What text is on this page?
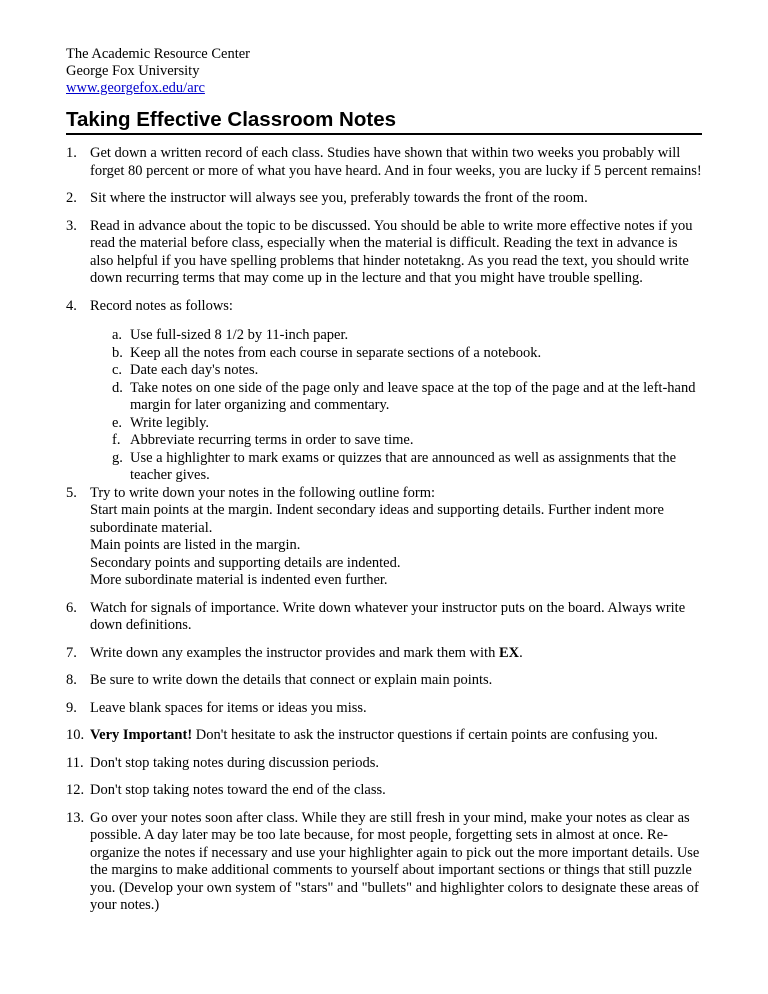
The Academic Resource Center

George Fox University

www.georgefox.edu/arc

Taking Effective Classroom Notes
1. Get down a written record of each class. Studies have shown that within two weeks you probably will forget 80 percent or more of what you have heard. And in four weeks, you are lucky if 5 percent remains!
2. Sit where the instructor will always see you, preferably towards the front of the room.
3. Read in advance about the topic to be discussed. You should be able to write more effective notes if you read the material before class, especially when the material is difficult. Reading the text in advance is also helpful if you have spelling problems that hinder notetakng. As you read the text, you should write down recurring terms that may come up in the lecture and that you might have trouble spelling.
4. Record notes as follows:
a. Use full-sized 8 1/2 by 11-inch paper.
b. Keep all the notes from each course in separate sections of a notebook.
c. Date each day's notes.
d. Take notes on one side of the page only and leave space at the top of the page and at the left-hand margin for later organizing and commentary.
e. Write legibly.
f. Abbreviate recurring terms in order to save time.
g. Use a highlighter to mark exams or quizzes that are announced as well as assignments that the teacher gives.
5. Try to write down your notes in the following outline form:
Start main points at the margin. Indent secondary ideas and supporting details. Further indent more subordinate material.
Main points are listed in the margin.
Secondary points and supporting details are indented.
More subordinate material is indented even further.
6. Watch for signals of importance. Write down whatever your instructor puts on the board. Always write down definitions.
7. Write down any examples the instructor provides and mark them with EX.
8. Be sure to write down the details that connect or explain main points.
9. Leave blank spaces for items or ideas you miss.
10. Very Important! Don't hesitate to ask the instructor questions if certain points are confusing you.
11. Don't stop taking notes during discussion periods.
12. Don't stop taking notes toward the end of the class.
13. Go over your notes soon after class. While they are still fresh in your mind, make your notes as clear as possible. A day later may be too late because, for most people, forgetting sets in almost at once. Re-organize the notes if necessary and use your highlighter again to pick out the more important details. Use the margins to make additional comments to yourself about important sections or things that still puzzle you. (Develop your own system of "stars" and "bullets" and highlighter colors to designate these areas of your notes.)
